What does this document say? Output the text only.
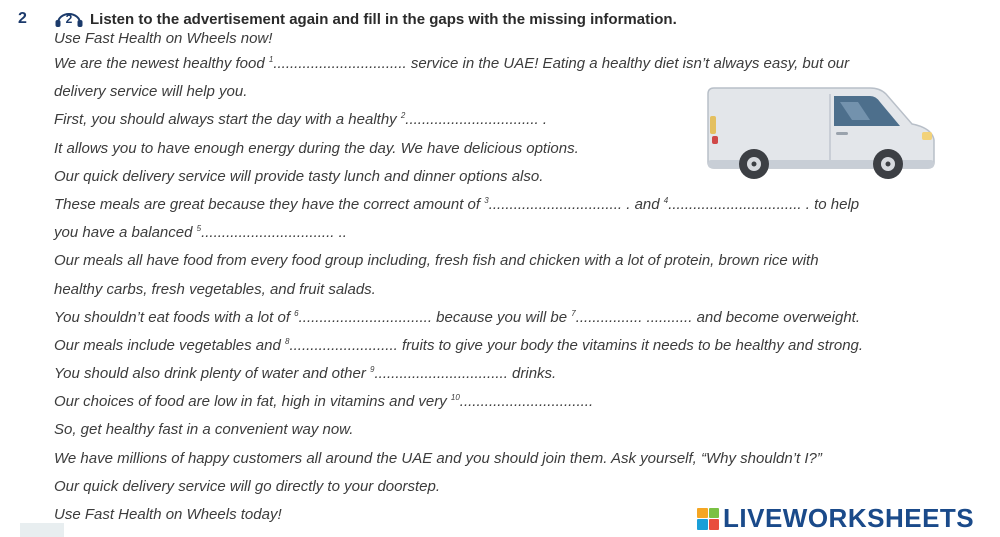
2	2 Listen to the advertisement again and fill in the gaps with the missing information.
Use Fast Health on Wheels now!
We are the newest healthy food $^1$................................ service in the UAE! Eating a healthy diet isn’t always easy, but our
delivery service will help you.
First, you should always start the day with a healthy $^2$................................ .
It allows you to have enough energy during the day. We have delicious options.
Our quick delivery service will provide tasty lunch and dinner options also.
These meals are great because they have the correct amount of $^3$................................ . and $^4$................................ . to help
you have a balanced $^5$................................ ..
Our meals all have food from every food group including, fresh fish and chicken with a lot of protein, brown rice with
healthy carbs, fresh vegetables, and fruit salads.
You shouldn’t eat foods with a lot of $^6$................................ because you will be $^7$................ ........... and become overweight.
Our meals include vegetables and $^8$.......................... fruits to give your body the vitamins it needs to be healthy and strong.
You should also drink plenty of water and other $^9$................................ drinks.
Our choices of food are low in fat, high in vitamins and very $^{10}$................................
So, get healthy fast in a convenient way now.
We have millions of happy customers all around the UAE and you should join them. Ask yourself, “Why shouldn’t I?”
Our quick delivery service will go directly to your doorstep.
Use Fast Health on Wheels today!	LIVEWORKSHEETS
